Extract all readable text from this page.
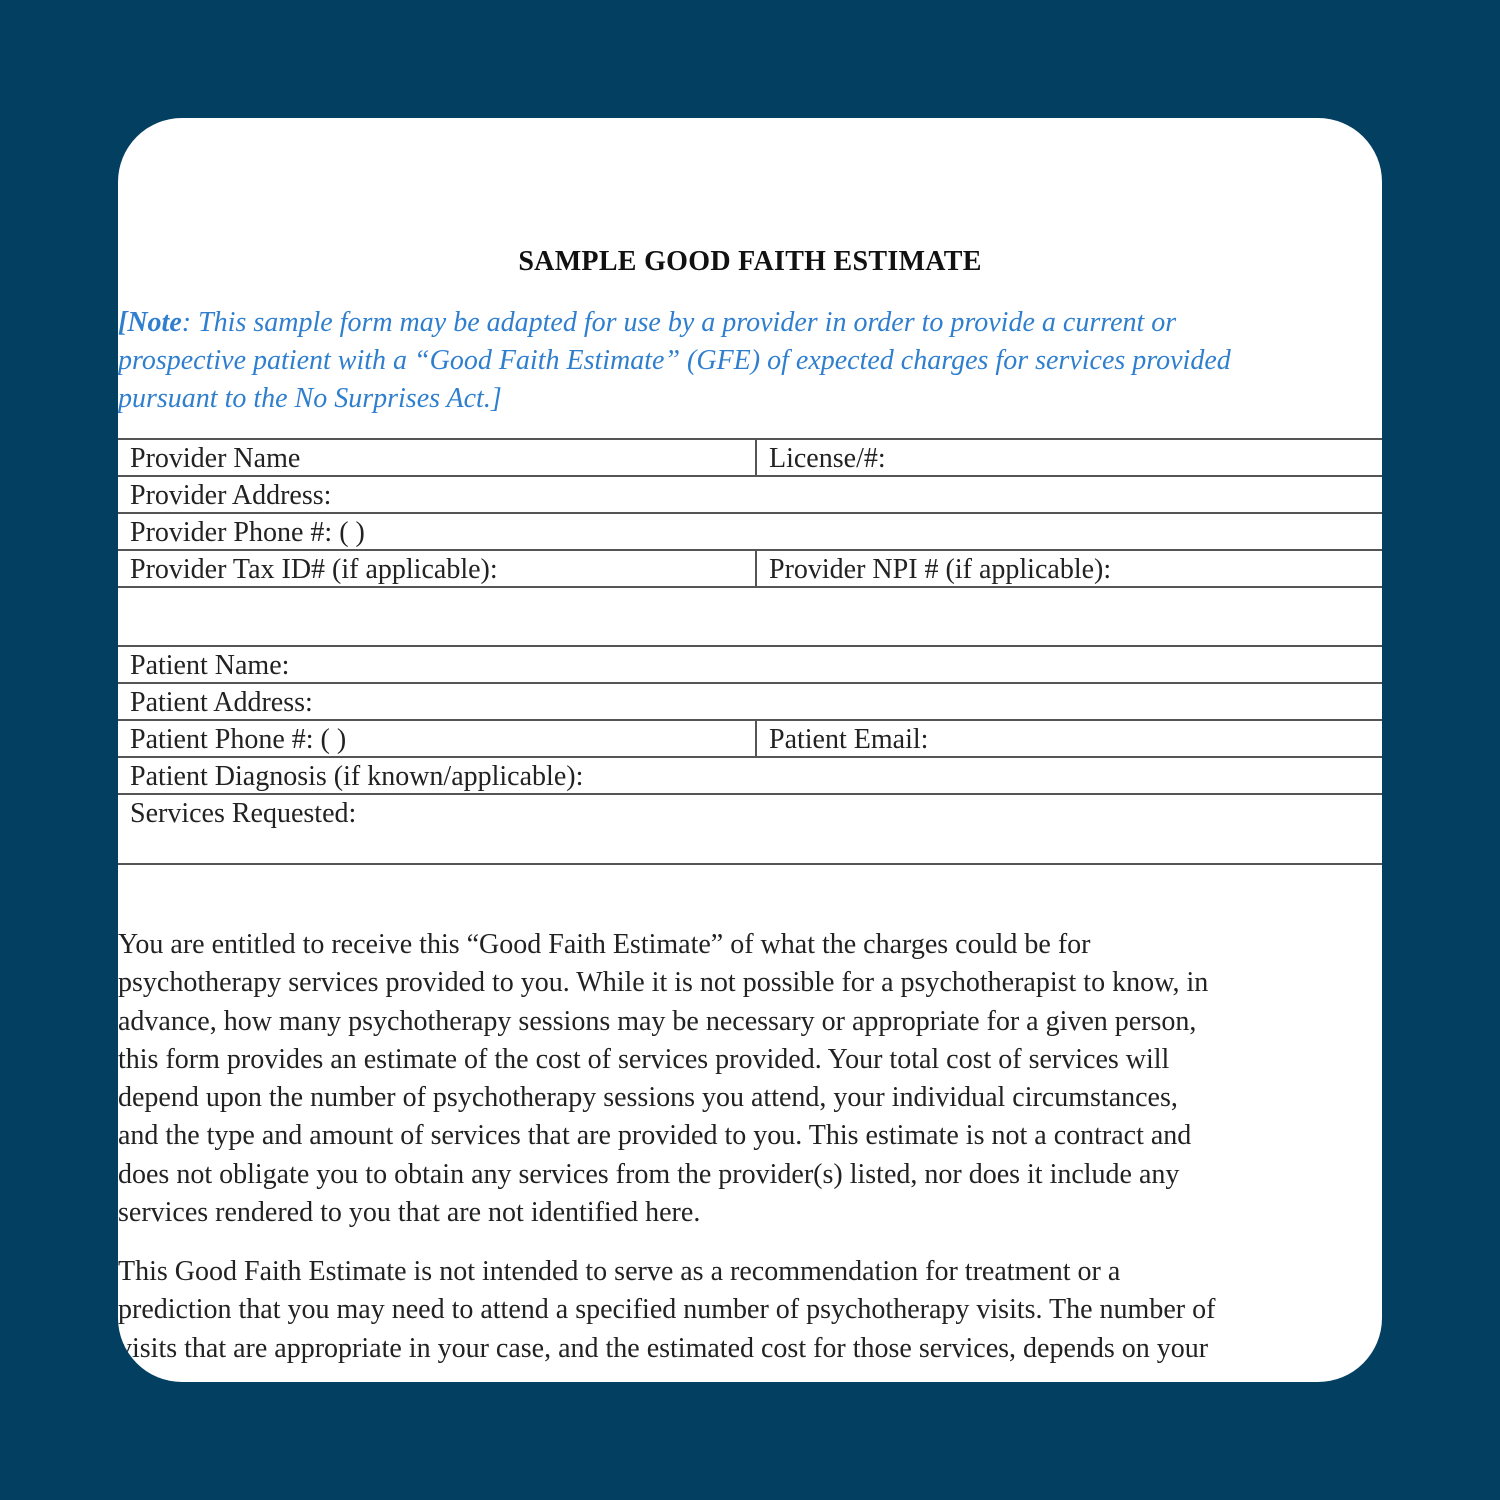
SAMPLE GOOD FAITH ESTIMATE
[Note: This sample form may be adapted for use by a provider in order to provide a current or
prospective patient with a “Good Faith Estimate” (GFE) of expected charges for services provided
pursuant to the No Surprises Act.]
Provider Name	License/#:
Provider Address:
Provider Phone #: ( )
Provider Tax ID# (if applicable):	Provider NPI # (if applicable):
Patient Name:
Patient Address:
Patient Phone #: ( )	Patient Email:
Patient Diagnosis (if known/applicable):
Services Requested:
You are entitled to receive this “Good Faith Estimate” of what the charges could be for
psychotherapy services provided to you. While it is not possible for a psychotherapist to know, in
advance, how many psychotherapy sessions may be necessary or appropriate for a given person,
this form provides an estimate of the cost of services provided. Your total cost of services will
depend upon the number of psychotherapy sessions you attend, your individual circumstances,
and the type and amount of services that are provided to you. This estimate is not a contract and
does not obligate you to obtain any services from the provider(s) listed, nor does it include any
services rendered to you that are not identified here.
This Good Faith Estimate is not intended to serve as a recommendation for treatment or a
prediction that you may need to attend a specified number of psychotherapy visits. The number of
visits that are appropriate in your case, and the estimated cost for those services, depends on your
